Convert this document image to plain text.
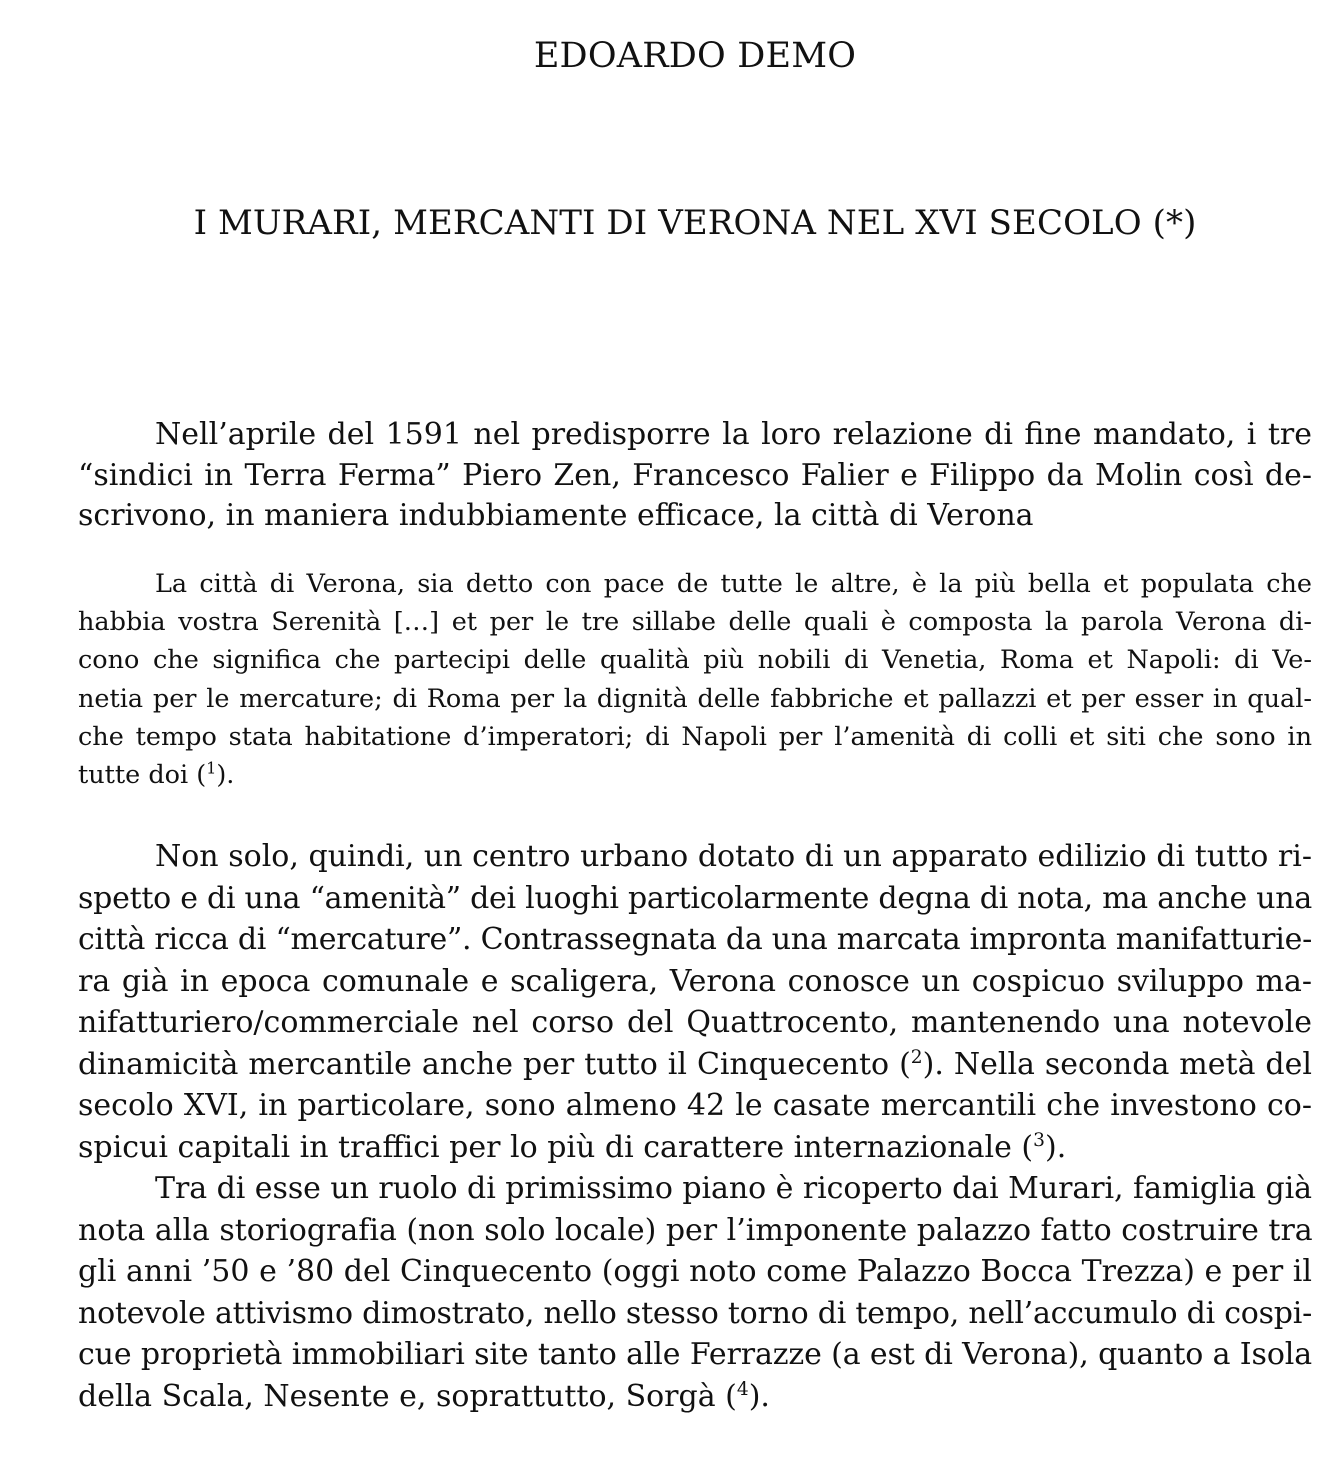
EDOARDO DEMO
I MURARI, MERCANTI DI VERONA NEL XVI SECOLO (*)
Nell’aprile del 1591 nel predisporre la loro relazione di fine mandato, i tre
“sindici in Terra Ferma” Piero Zen, Francesco Falier e Filippo da Molin così de-
scrivono, in maniera indubbiamente efficace, la città di Verona
La città di Verona, sia detto con pace de tutte le altre, è la più bella et populata che
habbia vostra Serenità […] et per le tre sillabe delle quali è composta la parola Verona di-
cono che significa che partecipi delle qualità più nobili di Venetia, Roma et Napoli: di Ve-
netia per le mercature; di Roma per la dignità delle fabbriche et pallazzi et per esser in qual-
che tempo stata habitatione d’imperatori; di Napoli per l’amenità di colli et siti che sono in
tutte doi ($^1$).
Non solo, quindi, un centro urbano dotato di un apparato edilizio di tutto ri-
spetto e di una “amenità” dei luoghi particolarmente degna di nota, ma anche una
città ricca di “mercature”. Contrassegnata da una marcata impronta manifatturie-
ra già in epoca comunale e scaligera, Verona conosce un cospicuo sviluppo ma-
nifatturiero/commerciale nel corso del Quattrocento, mantenendo una notevole
dinamicità mercantile anche per tutto il Cinquecento ($^2$). Nella seconda metà del
secolo XVI, in particolare, sono almeno 42 le casate mercantili che investono co-
spicui capitali in traffici per lo più di carattere internazionale ($^3$).
Tra di esse un ruolo di primissimo piano è ricoperto dai Murari, famiglia già
nota alla storiografia (non solo locale) per l’imponente palazzo fatto costruire tra
gli anni ’50 e ’80 del Cinquecento (oggi noto come Palazzo Bocca Trezza) e per il
notevole attivismo dimostrato, nello stesso torno di tempo, nell’accumulo di cospi-
cue proprietà immobiliari site tanto alle Ferrazze (a est di Verona), quanto a Isola
della Scala, Nesente e, soprattutto, Sorgà ($^4$).
